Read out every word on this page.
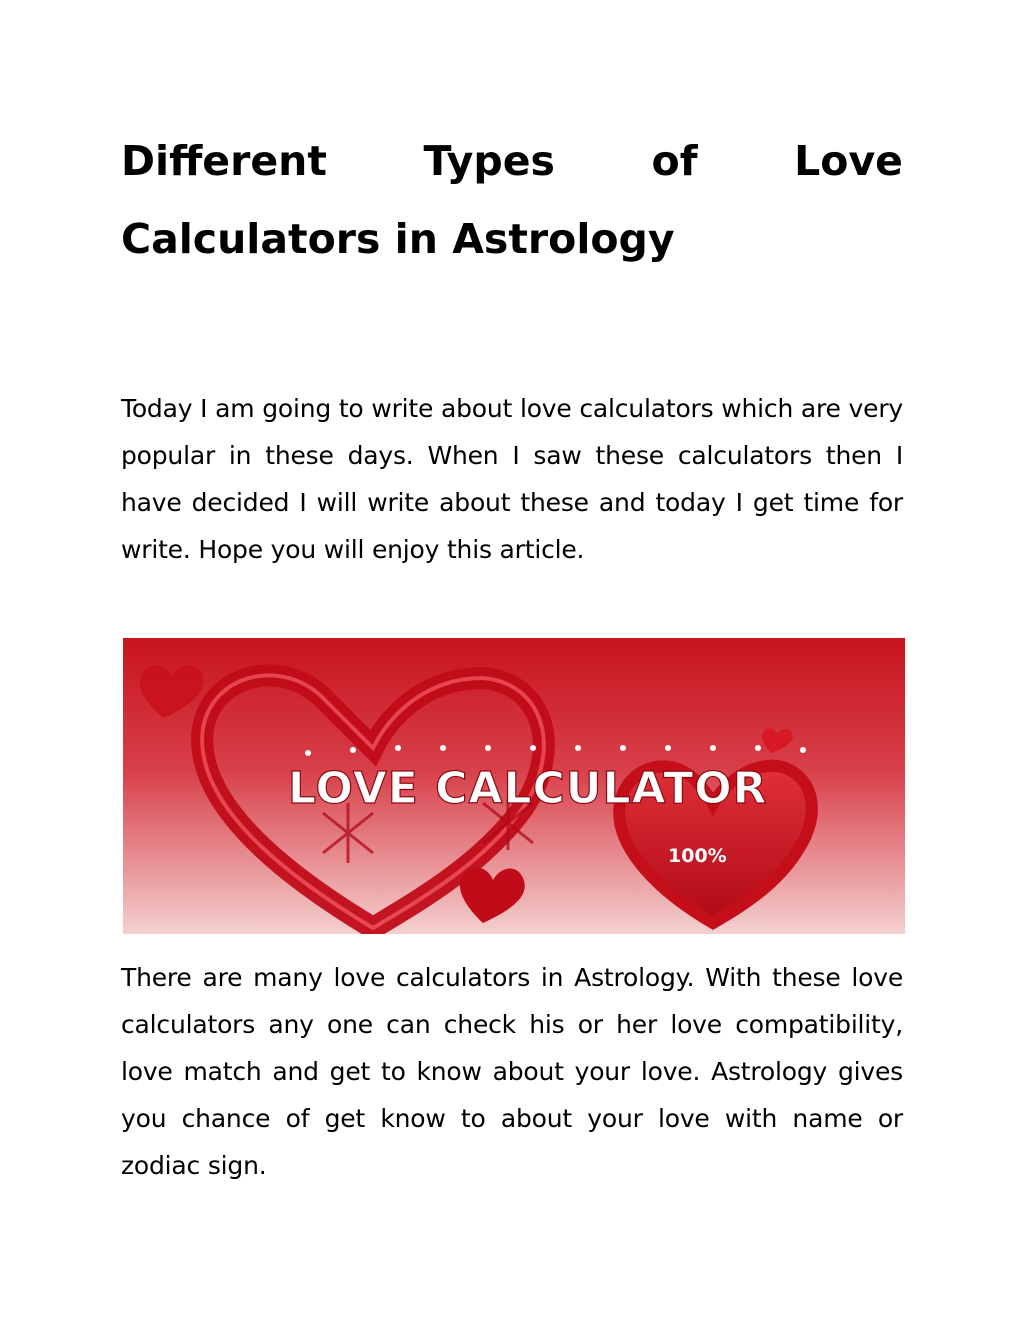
Different Types of Love Calculators in Astrology

Today I am going to write about love calculators which are very popular in these days. When I saw these calculators then I have decided I will write about these and today I get time for write. Hope you will enjoy this article.

LOVE CALCULATOR
100%

There are many love calculators in Astrology. With these love calculators any one can check his or her love compatibility, love match and get to know about your love. Astrology gives you chance of get know to about your love with name or zodiac sign.
